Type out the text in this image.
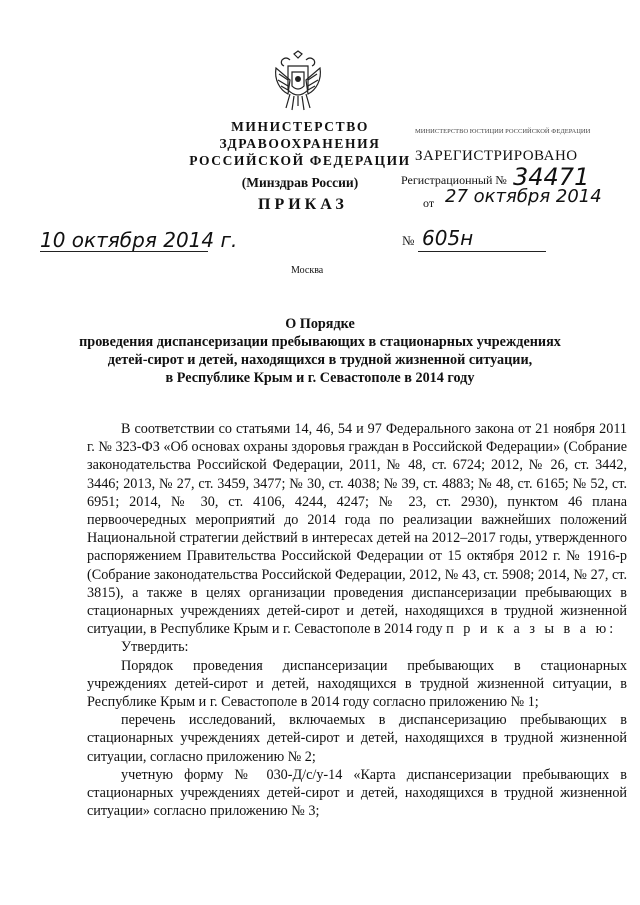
МИНИСТЕРСТВО ЗДРАВООХРАНЕНИЯ
РОССИЙСКОЙ ФЕДЕРАЦИИ
(Минздрав России)
МИНИСТЕРСТВО ЮСТИЦИИ РОССИЙСКОЙ ФЕДЕРАЦИИ
ЗАРЕГИСТРИРОВАНО
Регистрационный № 34471
от 27 октября 2014
ПРИКАЗ
10 октября 2014 г.	№ 605н
Москва
О Порядке
проведения диспансеризации пребывающих в стационарных учреждениях
детей-сирот и детей, находящихся в трудной жизненной ситуации,
в Республике Крым и г. Севастополе в 2014 году

В соответствии со статьями 14, 46, 54 и 97 Федерального закона от 21 ноября 2011 г. № 323-ФЗ «Об основах охраны здоровья граждан в Российской Федерации» (Собрание законодательства Российской Федерации, 2011, № 48, ст. 6724; 2012, № 26, ст. 3442, 3446; 2013, № 27, ст. 3459, 3477; № 30, ст. 4038; № 39, ст. 4883; № 48, ст. 6165; № 52, ст. 6951; 2014, № 30, ст. 4106, 4244, 4247; № 23, ст. 2930), пунктом 46 плана первоочередных мероприятий до 2014 года по реализации важнейших положений Национальной стратегии действий в интересах детей на 2012–2017 годы, утвержденного распоряжением Правительства Российской Федерации от 15 октября 2012 г. № 1916-р (Собрание законодательства Российской Федерации, 2012, № 43, ст. 5908; 2014, № 27, ст. 3815), а также в целях организации проведения диспансеризации пребывающих в стационарных учреждениях детей-сирот и детей, находящихся в трудной жизненной ситуации, в Республике Крым и г. Севастополе в 2014 году п р и к а з ы в а ю:

Утвердить:

Порядок проведения диспансеризации пребывающих в стационарных учреждениях детей-сирот и детей, находящихся в трудной жизненной ситуации, в Республике Крым и г. Севастополе в 2014 году согласно приложению № 1;

перечень исследований, включаемых в диспансеризацию пребывающих в стационарных учреждениях детей-сирот и детей, находящихся в трудной жизненной ситуации, согласно приложению № 2;

учетную форму № 030-Д/с/у-14 «Карта диспансеризации пребывающих в стационарных учреждениях детей-сирот и детей, находящихся в трудной жизненной ситуации» согласно приложению № 3;
